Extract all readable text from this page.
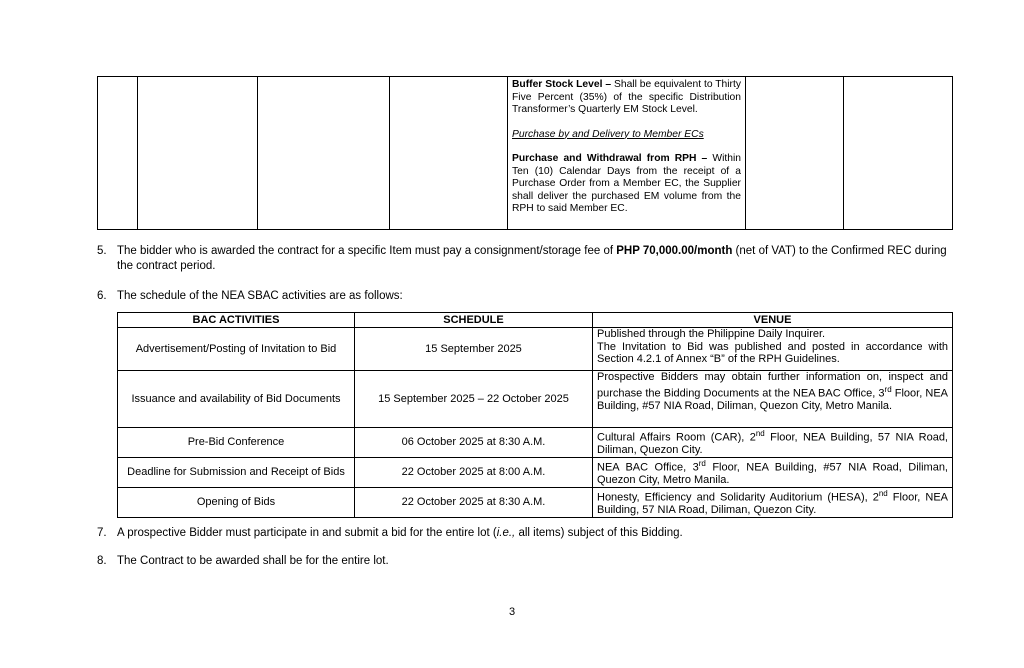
Buffer Stock Level – Shall be equivalent to Thirty Five Percent (35%) of the specific Distribution Transformer’s Quarterly EM Stock Level.

Purchase by and Delivery to Member ECs

Purchase and Withdrawal from RPH – Within Ten (10) Calendar Days from the receipt of a Purchase Order from a Member EC, the Supplier shall deliver the purchased EM volume from the RPH to said Member EC.

5. The bidder who is awarded the contract for a specific Item must pay a consignment/storage fee of PHP 70,000.00/month (net of VAT) to the Confirmed REC during the contract period.
6. The schedule of the NEA SBAC activities are as follows:
BAC ACTIVITIES	SCHEDULE	VENUE
Advertisement/Posting of Invitation to Bid	15 September 2025	Published through the Philippine Daily Inquirer.
The Invitation to Bid was published and posted in accordance with Section 4.2.1 of Annex “B” of the RPH Guidelines.
Issuance and availability of Bid Documents	15 September 2025 – 22 October 2025	Prospective Bidders may obtain further information on, inspect and purchase the Bidding Documents at the NEA BAC Office, 3rd Floor, NEA Building, #57 NIA Road, Diliman, Quezon City, Metro Manila.
Pre-Bid Conference	06 October 2025 at 8:30 A.M.	Cultural Affairs Room (CAR), 2nd Floor, NEA Building, 57 NIA Road, Diliman, Quezon City.
Deadline for Submission and Receipt of Bids	22 October 2025 at 8:00 A.M.	NEA BAC Office, 3rd Floor, NEA Building, #57 NIA Road, Diliman, Quezon City, Metro Manila.
Opening of Bids	22 October 2025 at 8:30 A.M.	Honesty, Efficiency and Solidarity Auditorium (HESA), 2nd Floor, NEA Building, 57 NIA Road, Diliman, Quezon City.
7. A prospective Bidder must participate in and submit a bid for the entire lot (i.e., all items) subject of this Bidding.
8. The Contract to be awarded shall be for the entire lot.
3
